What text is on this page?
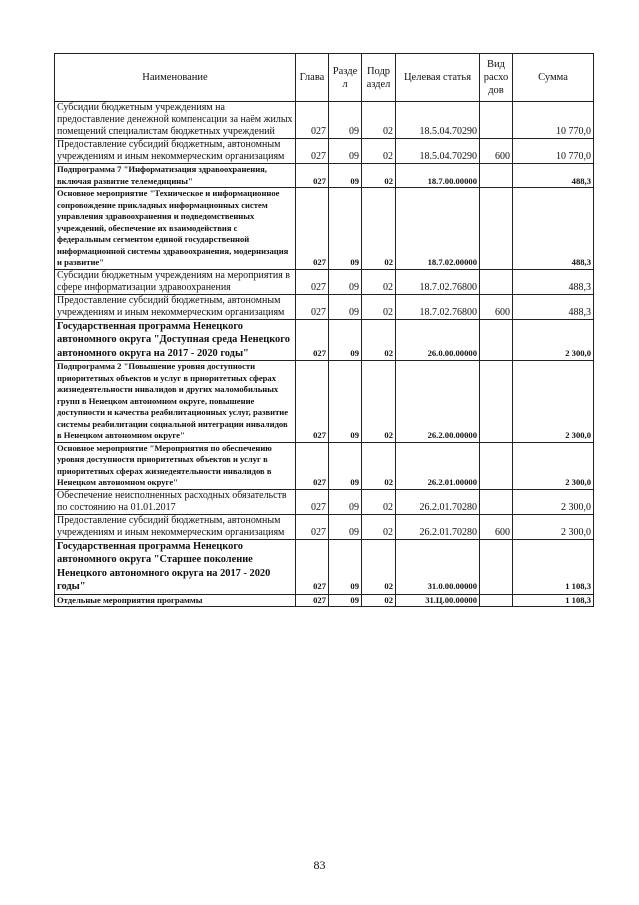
Наименование	Глава	Разде л	Подр аздел	Целевая статья	Вид расхо дов	Сумма
Субсидии бюджетным учреждениям на предоставление денежной компенсации за наём жилых помещений специалистам бюджетных учреждений	027	09	02	18.5.04.70290		10 770,0
Предоставление субсидий бюджетным, автономным учреждениям и иным некоммерческим организациям	027	09	02	18.5.04.70290	600	10 770,0
Подпрограмма 7 "Информатизация здравоохранения, включая развитие телемедицины"	027	09	02	18.7.00.00000		488,3
Основное мероприятие "Техническое и информационное сопровождение прикладных информационных систем управления здравоохранения и подведомственных учреждений, обеспечение их взаимодействия с федеральным сегментом единой государственной информационной системы здравоохранения, модернизация и развитие"	027	09	02	18.7.02.00000		488,3
Субсидии бюджетным учреждениям на мероприятия в сфере информатизации здравоохранения	027	09	02	18.7.02.76800		488,3
Предоставление субсидий бюджетным, автономным учреждениям и иным некоммерческим организациям	027	09	02	18.7.02.76800	600	488,3
Государственная программа Ненецкого автономного округа "Доступная среда Ненецкого автономного округа на 2017 - 2020 годы"	027	09	02	26.0.00.00000		2 300,0
Подпрограмма 2 "Повышение уровня доступности приоритетных объектов и услуг в приоритетных сферах жизнедеятельности инвалидов и других маломобильных групп в Ненецком автономном округе, повышение доступности и качества реабилитационных услуг, развитие системы реабилитации социальной интеграции инвалидов в Ненецком автономном округе"	027	09	02	26.2.00.00000		2 300,0
Основное мероприятие "Мероприятия по обеспечению уровня доступности приоритетных объектов и услуг в приоритетных сферах жизнедеятельности инвалидов в Ненецком автономном округе"	027	09	02	26.2.01.00000		2 300,0
Обеспечение неисполненных расходных обязательств по состоянию на 01.01.2017	027	09	02	26.2.01.70280		2 300,0
Предоставление субсидий бюджетным, автономным учреждениям и иным некоммерческим организациям	027	09	02	26.2.01.70280	600	2 300,0
Государственная программа Ненецкого автономного округа "Старшее поколение Ненецкого автономного округа на 2017 - 2020 годы"	027	09	02	31.0.00.00000		1 108,3
Отдельные мероприятия программы	027	09	02	31.Ц.00.00000		1 108,3
83
